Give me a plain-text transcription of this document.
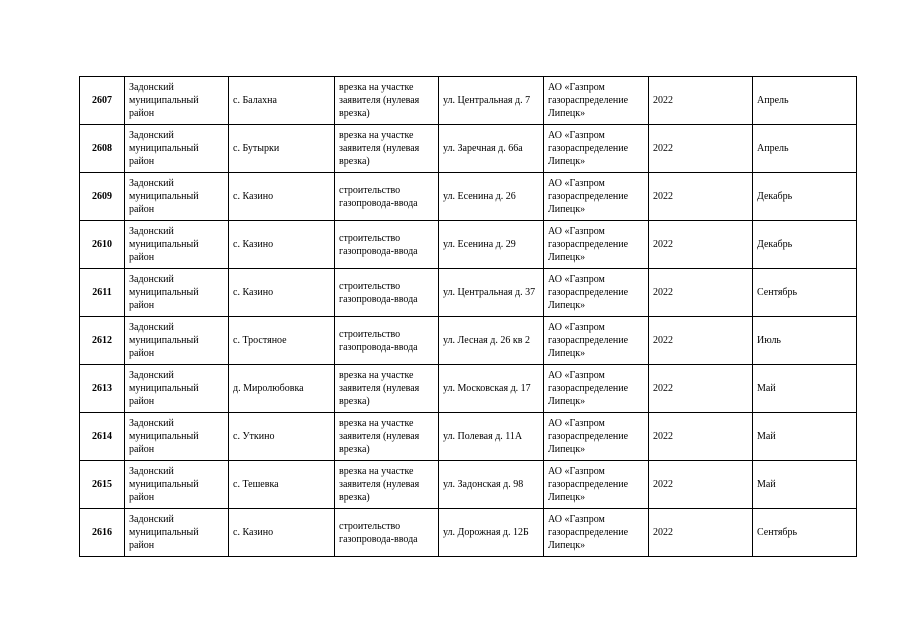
2607	Задонский муниципальный район	с. Балахна	врезка на участке заявителя (нулевая врезка)	ул. Центральная д. 7	АО «Газпром газораспределение Липецк»	2022	Апрель
2608	Задонский муниципальный район	с. Бутырки	врезка на участке заявителя (нулевая врезка)	ул. Заречная д. 66а	АО «Газпром газораспределение Липецк»	2022	Апрель
2609	Задонский муниципальный район	с. Казино	строительство газопровода-ввода	ул. Есенина д. 26	АО «Газпром газораспределение Липецк»	2022	Декабрь
2610	Задонский муниципальный район	с. Казино	строительство газопровода-ввода	ул. Есенина д. 29	АО «Газпром газораспределение Липецк»	2022	Декабрь
2611	Задонский муниципальный район	с. Казино	строительство газопровода-ввода	ул. Центральная д. 37	АО «Газпром газораспределение Липецк»	2022	Сентябрь
2612	Задонский муниципальный район	с. Тростяное	строительство газопровода-ввода	ул. Лесная д. 26 кв 2	АО «Газпром газораспределение Липецк»	2022	Июль
2613	Задонский муниципальный район	д. Миролюбовка	врезка на участке заявителя (нулевая врезка)	ул. Московская д. 17	АО «Газпром газораспределение Липецк»	2022	Май
2614	Задонский муниципальный район	с. Уткино	врезка на участке заявителя (нулевая врезка)	ул. Полевая д. 11А	АО «Газпром газораспределение Липецк»	2022	Май
2615	Задонский муниципальный район	с. Тешевка	врезка на участке заявителя (нулевая врезка)	ул. Задонская д. 98	АО «Газпром газораспределение Липецк»	2022	Май
2616	Задонский муниципальный район	с. Казино	строительство газопровода-ввода	ул. Дорожная д. 12Б	АО «Газпром газораспределение Липецк»	2022	Сентябрь
